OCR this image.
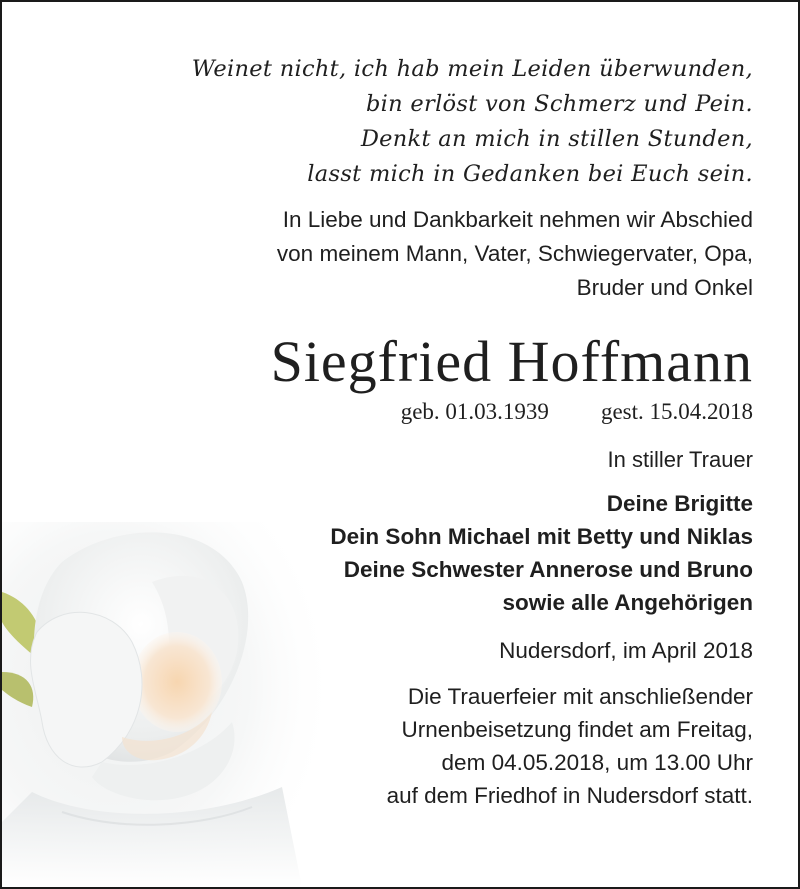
Weinet nicht, ich hab mein Leiden überwunden,
bin erlöst von Schmerz und Pein.
Denkt an mich in stillen Stunden,
lasst mich in Gedanken bei Euch sein.
In Liebe und Dankbarkeit nehmen wir Abschied
von meinem Mann, Vater, Schwiegervater, Opa,
Bruder und Onkel
Siegfried Hoffmann
geb. 01.03.1939 gest. 15.04.2018
In stiller Trauer
Deine Brigitte
Dein Sohn Michael mit Betty und Niklas
Deine Schwester Annerose und Bruno
sowie alle Angehörigen
Nudersdorf, im April 2018
Die Trauerfeier mit anschließender
Urnenbeisetzung findet am Freitag,
dem 04.05.2018, um 13.00 Uhr
auf dem Friedhof in Nudersdorf statt.
